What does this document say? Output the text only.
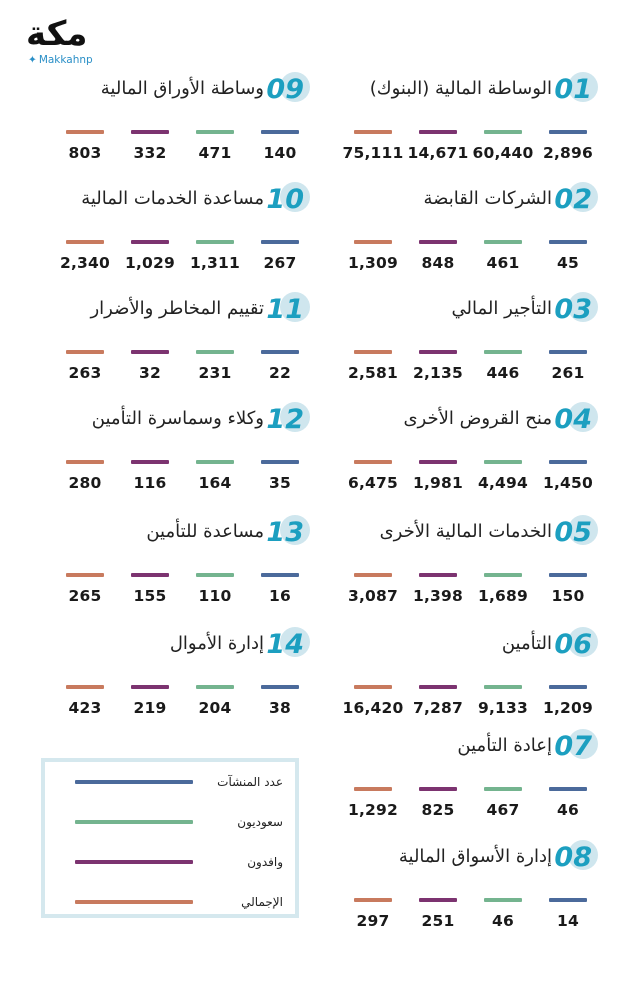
مكة
✦ Makkahnp
01
الوساطة المالية (البنوك)
2,896
60,440
14,671
75,111
02
الشركات القابضة
45
461
848
1,309
03
التأجير المالي
261
446
2,135
2,581
04
منح القروض الأخرى
1,450
4,494
1,981
6,475
05
الخدمات المالية الأخرى
150
1,689
1,398
3,087
06
التأمين
1,209
9,133
7,287
16,420
07
إعادة التأمين
46
467
825
1,292
08
إدارة الأسواق المالية
14
46
251
297
09
وساطة الأوراق المالية
140
471
332
803
10
مساعدة الخدمات المالية
267
1,311
1,029
2,340
11
تقييم المخاطر والأضرار
22
231
32
263
12
وكلاء وسماسرة التأمين
35
164
116
280
13
مساعدة للتأمين
16
110
155
265
14
إدارة الأموال
38
204
219
423
عدد المنشآت
سعوديون
وافدون
الإجمالي
